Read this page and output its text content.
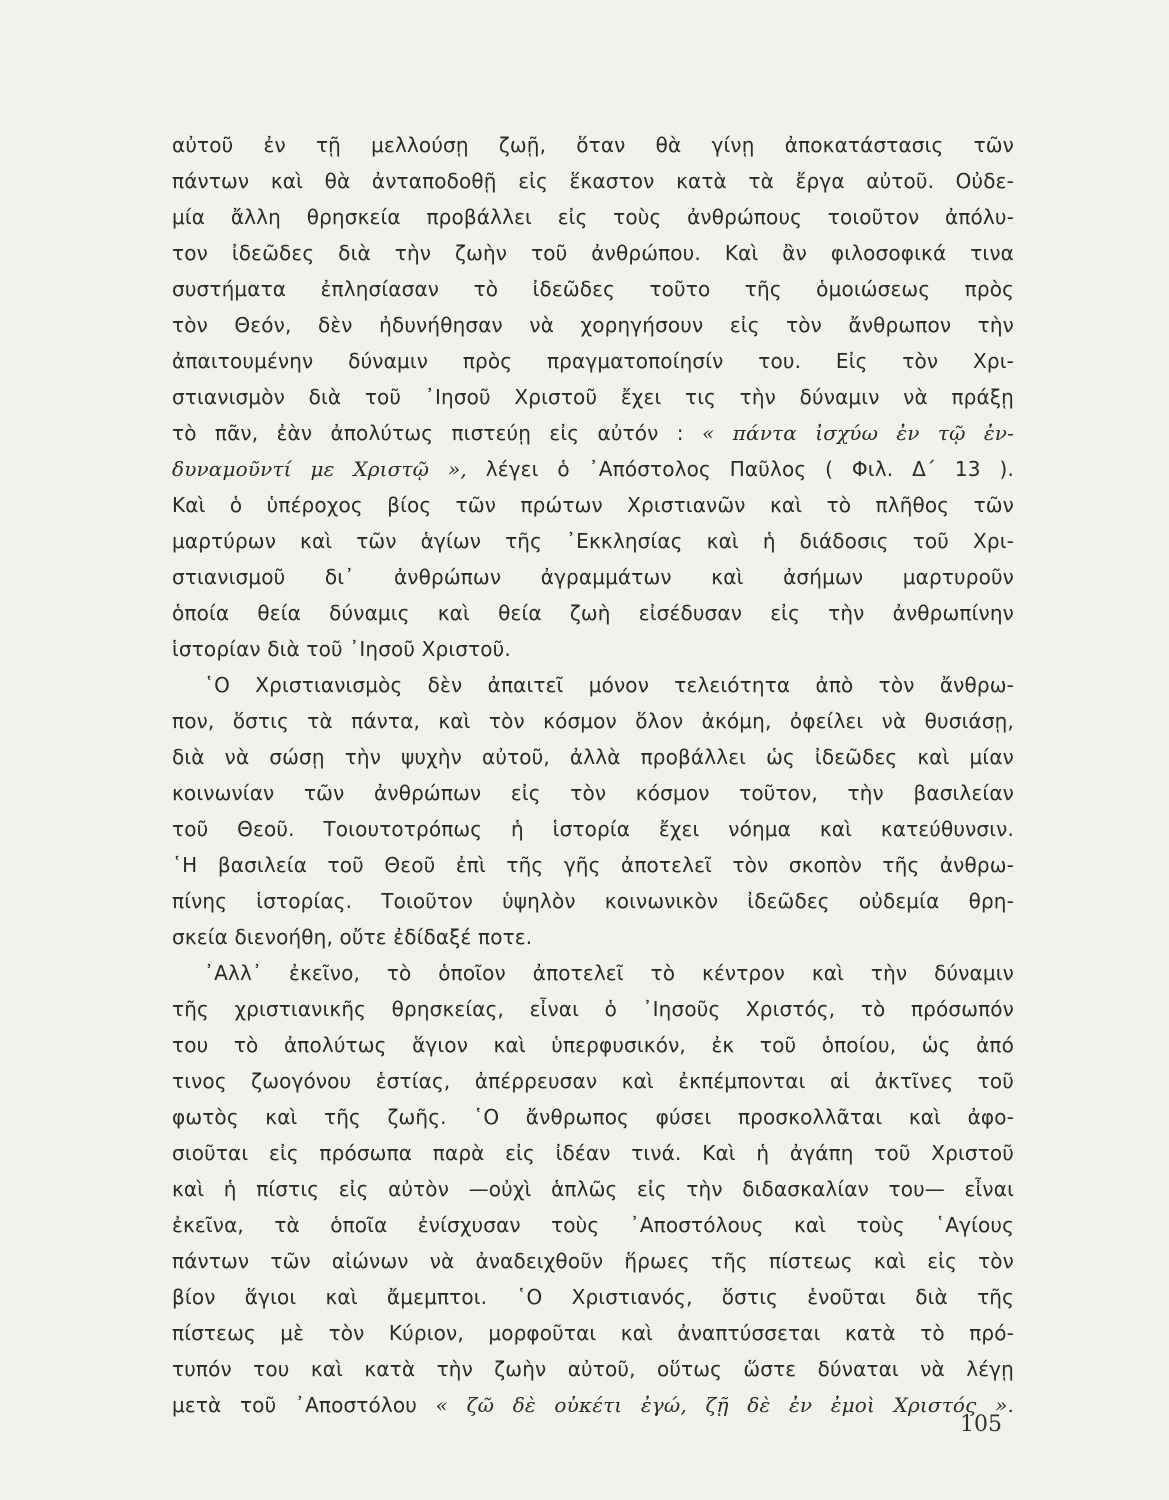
αὐτοῦ ἐν τῇ μελλούσῃ ζωῇ, ὅταν θὰ γίνῃ ἀποκατάστασις τῶν
πάντων καὶ θὰ ἀνταποδοθῇ εἰς ἕκαστον κατὰ τὰ ἔργα αὐτοῦ. Οὐδε-
μία ἄλλη θρησκεία προβάλλει εἰς τοὺς ἀνθρώπους τοιοῦτον ἀπόλυ-
τον ἰδεῶδες διὰ τὴν ζωὴν τοῦ ἀνθρώπου. Καὶ ἂν φιλοσοφικά τινα
συστήματα ἐπλησίασαν τὸ ἰδεῶδες τοῦτο τῆς ὁμοιώσεως πρὸς
τὸν Θεόν, δὲν ἠδυνήθησαν νὰ χορηγήσουν εἰς τὸν ἄνθρωπον τὴν
ἀπαιτουμένην δύναμιν πρὸς πραγματοποίησίν του. Εἰς τὸν Χρι-
στιανισμὸν διὰ τοῦ ᾿Ιησοῦ Χριστοῦ ἔχει τις τὴν δύναμιν νὰ πράξῃ
τὸ πᾶν, ἐὰν ἀπολύτως πιστεύῃ εἰς αὐτόν : « πάντα ἰσχύω ἐν τῷ ἐν-
δυναμοῦντί με Χριστῷ », λέγει ὁ ᾿Απόστολος Παῦλος ( Φιλ. Δ΄ 13 ).
Καὶ ὁ ὑπέροχος βίος τῶν πρώτων Χριστιανῶν καὶ τὸ πλῆθος τῶν
μαρτύρων καὶ τῶν ἁγίων τῆς ᾿Εκκλησίας καὶ ἡ διάδοσις τοῦ Χρι-
στιανισμοῦ δι᾿ ἀνθρώπων ἀγραμμάτων καὶ ἀσήμων μαρτυροῦν
ὁποία θεία δύναμις καὶ θεία ζωὴ εἰσέδυσαν εἰς τὴν ἀνθρωπίνην
ἱστορίαν διὰ τοῦ ᾿Ιησοῦ Χριστοῦ.
῾Ο Χριστιανισμὸς δὲν ἀπαιτεῖ μόνον τελειότητα ἀπὸ τὸν ἄνθρω-
πον, ὅστις τὰ πάντα, καὶ τὸν κόσμον ὅλον ἀκόμη, ὀφείλει νὰ θυσιάσῃ,
διὰ νὰ σώσῃ τὴν ψυχὴν αὐτοῦ, ἀλλὰ προβάλλει ὡς ἰδεῶδες καὶ μίαν
κοινωνίαν τῶν ἀνθρώπων εἰς τὸν κόσμον τοῦτον, τὴν βασιλείαν
τοῦ Θεοῦ. Τοιουτοτρόπως ἡ ἱστορία ἔχει νόημα καὶ κατεύθυνσιν.
῾Η βασιλεία τοῦ Θεοῦ ἐπὶ τῆς γῆς ἀποτελεῖ τὸν σκοπὸν τῆς ἀνθρω-
πίνης ἱστορίας. Τοιοῦτον ὑψηλὸν κοινωνικὸν ἰδεῶδες οὐδεμία θρη-
σκεία διενοήθη, οὔτε ἐδίδαξέ ποτε.
᾿Αλλ᾿ ἐκεῖνο, τὸ ὁποῖον ἀποτελεῖ τὸ κέντρον καὶ τὴν δύναμιν
τῆς χριστιανικῆς θρησκείας, εἶναι ὁ ᾿Ιησοῦς Χριστός, τὸ πρόσωπόν
του τὸ ἀπολύτως ἅγιον καὶ ὑπερφυσικόν, ἐκ τοῦ ὁποίου, ὡς ἀπό
τινος ζωογόνου ἑστίας, ἀπέρρευσαν καὶ ἐκπέμπονται αἱ ἀκτῖνες τοῦ
φωτὸς καὶ τῆς ζωῆς. ῾Ο ἄνθρωπος φύσει προσκολλᾶται καὶ ἀφο-
σιοῦται εἰς πρόσωπα παρὰ εἰς ἰδέαν τινά. Καὶ ἡ ἀγάπη τοῦ Χριστοῦ
καὶ ἡ πίστις εἰς αὐτὸν —οὐχὶ ἁπλῶς εἰς τὴν διδασκαλίαν του— εἶναι
ἐκεῖνα, τὰ ὁποῖα ἐνίσχυσαν τοὺς ᾿Αποστόλους καὶ τοὺς ῾Αγίους
πάντων τῶν αἰώνων νὰ ἀναδειχθοῦν ἥρωες τῆς πίστεως καὶ εἰς τὸν
βίον ἅγιοι καὶ ἄμεμπτοι. ῾Ο Χριστιανός, ὅστις ἑνοῦται διὰ τῆς
πίστεως μὲ τὸν Κύριον, μορφοῦται καὶ ἀναπτύσσεται κατὰ τὸ πρό-
τυπόν του καὶ κατὰ τὴν ζωὴν αὐτοῦ, οὕτως ὥστε δύναται νὰ λέγῃ
μετὰ τοῦ ᾿Αποστόλου « ζῶ δὲ οὐκέτι ἐγώ, ζῇ δὲ ἐν ἐμοὶ Χριστός ».
105
